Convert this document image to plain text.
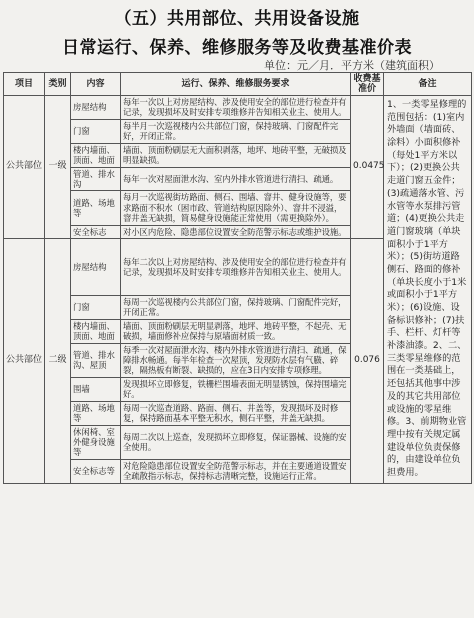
（五）共用部位、共用设备设施
日常运行、保养、维修服务等及收费基准价表
单位：元／月．平方米（建筑面积）
项目	类别	内容	运行、保养、维修服务要求	收费基准价	备注
公共部位	一级	房屋结构	每年一次以上对房屋结构、涉及使用安全的部位进行检查并有记录，发现损坏及时安排专项维修并告知相关业主、使用人。	0.0475	1、一类零星修理的范围包括：(1)室内外墙面（墙面砖、涂料）小面积修补（每处1平方米以下）；(2)更换公共走道门窗五金件；(3)疏通落水管、污水管等水泵排污管道；(4)更换公共走道门窗玻璃（单块面积小于1平方米）；(5)街坊道路侧石、路面的修补（单块长度小于1米或面积小于1平方米）；(6)设施、设备标识修补；(7)扶手、栏杆、灯杆等补漆油漆。2、二、三类零星维修的范围在一类基础上，还包括其他事中涉及的其它共用部位或设施的零星维修。3、前期物业管理中按有关规定属建设单位负责保修的，由建设单位负担费用。
		门窗	每半月一次巡视楼内公共部位门窗，保持玻璃、门窗配件完好，开闭正常。		
		楼内墙面、顶面、地面	墙面、顶面粉刷层无大面积剥落，地坪、地砖平整，无破损及明显缺损。		
		管道、排水沟	每年一次对屋面泄水沟、室内外排水管道进行清扫、疏通。		
		道路、场地等	每月一次巡视街坊路面、侧石、围墙、窨井、健身设施等，要求路面不积水（困市政、管道结构原因除外）、窨井不浸溢，窨井盖无缺损，简易健身设施能正常使用（需更换除外）。		
		安全标志	对小区内危险、隐患部位设置安全防范警示标志或维护设施。		
公共部位	二级	房屋结构	每年二次以上对房屋结构、涉及使用安全的部位进行检查并有记录，发现损坏及时安排专项维修并告知相关业主、使用人。	0.076	
		门窗	每周一次巡视楼内公共部位门窗，保持玻璃、门窗配件完好，开闭正常。		
		楼内墙面、顶面、地面	墙面、顶面粉刷层无明显剥落，地坪、地砖平整，不起壳、无破损，墙面修补应保持与原墙面材质一致。		
		管道、排水沟、屋顶	每季一次对屋面泄水沟、楼内外排水管道进行清扫、疏通，保障排水畅通。每半年检查一次屋顶，发现防水层有气臌、碎裂，隔热板有断裂、缺损的，应在3日内安排专项修理。		
		围墙	发现损坏立即修复，铁栅栏围墙表面无明显锈蚀，保持围墙完好。		
		道路、场地等	每周一次巡查道路、路面、侧石、井盖等，发现损坏及时修复，保持路面基本平整无积水，侧石平整，井盖无缺损。		
		休闲椅、室外健身设施等	每周二次以上巡查，发现损坏立即修复，保证器械、设施的安全使用。		
		安全标志等	对危险隐患部位设置安全防范警示标志，并在主要通道设置安全疏散指示标志，保持标志清晰完整，设施运行正常。		
